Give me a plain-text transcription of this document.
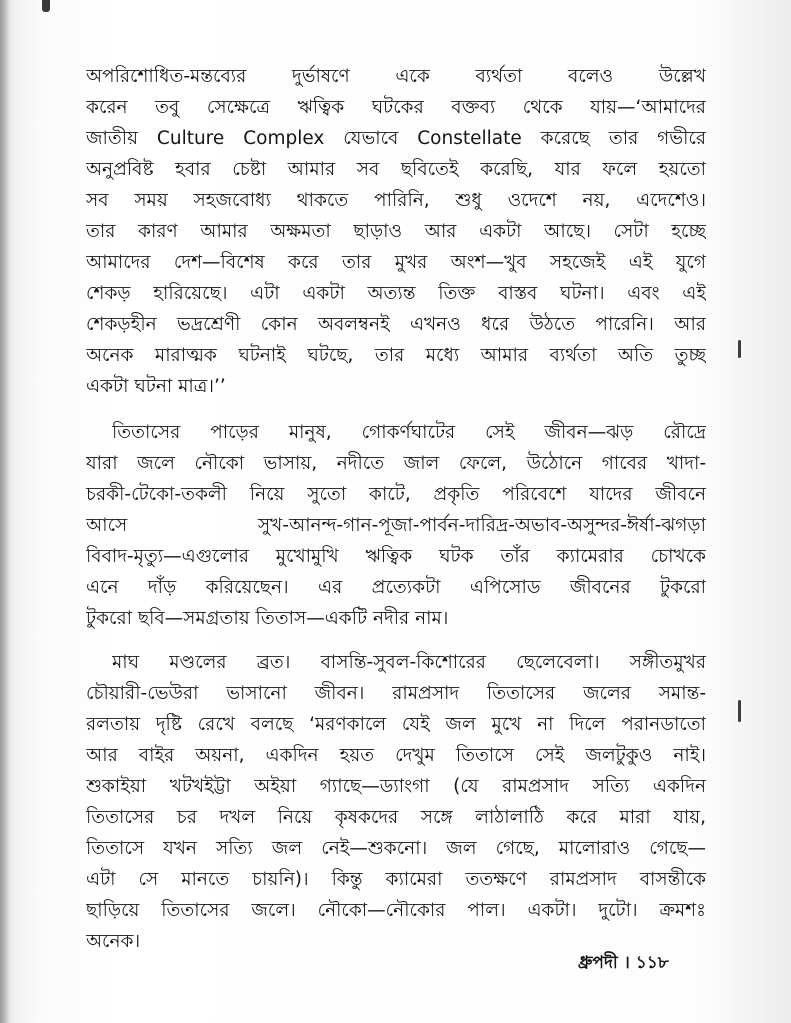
অপরিশোধিত-মন্তব্যের দুর্ভাষণে একে ব্যর্থতা বলেও উল্লেখ
করেন তবু সেক্ষেত্রে ঋত্বিক ঘটকের বক্তব্য থেকে যায়—‘আমাদের
জাতীয় Culture Complex যেভাবে Constellate করেছে তার গভীরে
অনুপ্রবিষ্ট হবার চেষ্টা আমার সব ছবিতেই করেছি, যার ফলে হয়তো
সব সময় সহজবোধ্য থাকতে পারিনি, শুধু ওদেশে নয়, এদেশেও।
তার কারণ আমার অক্ষমতা ছাড়াও আর একটা আছে। সেটা হচ্ছে
আমাদের দেশ—বিশেষ করে তার মুখর অংশ—খুব সহজেই এই যুগে
শেকড় হারিয়েছে। এটা একটা অত্যন্ত তিক্ত বাস্তব ঘটনা। এবং এই
শেকড়হীন ভদ্রশ্রেণী কোন অবলম্বনই এখনও ধরে উঠতে পারেনি। আর
অনেক মারাত্মক ঘটনাই ঘটছে, তার মধ্যে আমার ব্যর্থতা অতি তুচ্ছ
একটা ঘটনা মাত্র।’’
তিতাসের পাড়ের মানুষ, গোকর্ণঘাটের সেই জীবন—ঝড় রৌদ্রে
যারা জলে নৌকো ভাসায়, নদীতে জাল ফেলে, উঠোনে গাবের খাদা-
চরকী-টেকো-তকলী নিয়ে সুতো কাটে, প্রকৃতি পরিবেশে যাদের জীবনে
আসে সুখ-আনন্দ-গান-পূজা-পার্বন-দারিদ্র-অভাব-অসুন্দর-ঈর্ষা-ঝগড়া
বিবাদ-মৃত্যু—এগুলোর মুখোমুখি ঋত্বিক ঘটক তাঁর ক্যামেরার চোখকে
এনে দাঁড় করিয়েছেন। এর প্রত্যেকটা এপিসোড জীবনের টুকরো
টুকরো ছবি—সমগ্রতায় তিতাস—একটি নদীর নাম।
মাঘ মণ্ডলের ব্রত। বাসন্তি-সুবল-কিশোরের ছেলেবেলা। সঙ্গীতমুখর
চৌয়ারী-ভেউরা ভাসানো জীবন। রামপ্রসাদ তিতাসের জলের সমান্ত-
রলতায় দৃষ্টি রেখে বলছে ‘মরণকালে যেই জল মুখে না দিলে পরানডাতো
আর বাইর অয়না, একদিন হয়ত দেখুম তিতাসে সেই জলটুকুও নাই।
শুকাইয়া খটখইট্টা অইয়া গ্যাছে—ড্যাংগা (যে রামপ্রসাদ সত্যি একদিন
তিতাসের চর দখল নিয়ে কৃষকদের সঙ্গে লাঠালাঠি করে মারা যায়,
তিতাসে যখন সত্যি জল নেই—শুকনো। জল গেছে, মালোরাও গেছে—
এটা সে মানতে চায়নি)। কিন্তু ক্যামেরা ততক্ষণে রামপ্রসাদ বাসন্তীকে
ছাড়িয়ে তিতাসের জলে। নৌকো—নৌকোর পাল। একটা। দুটো। ক্রমশঃ
অনেক।
ধ্রুপদী । ১১৮
